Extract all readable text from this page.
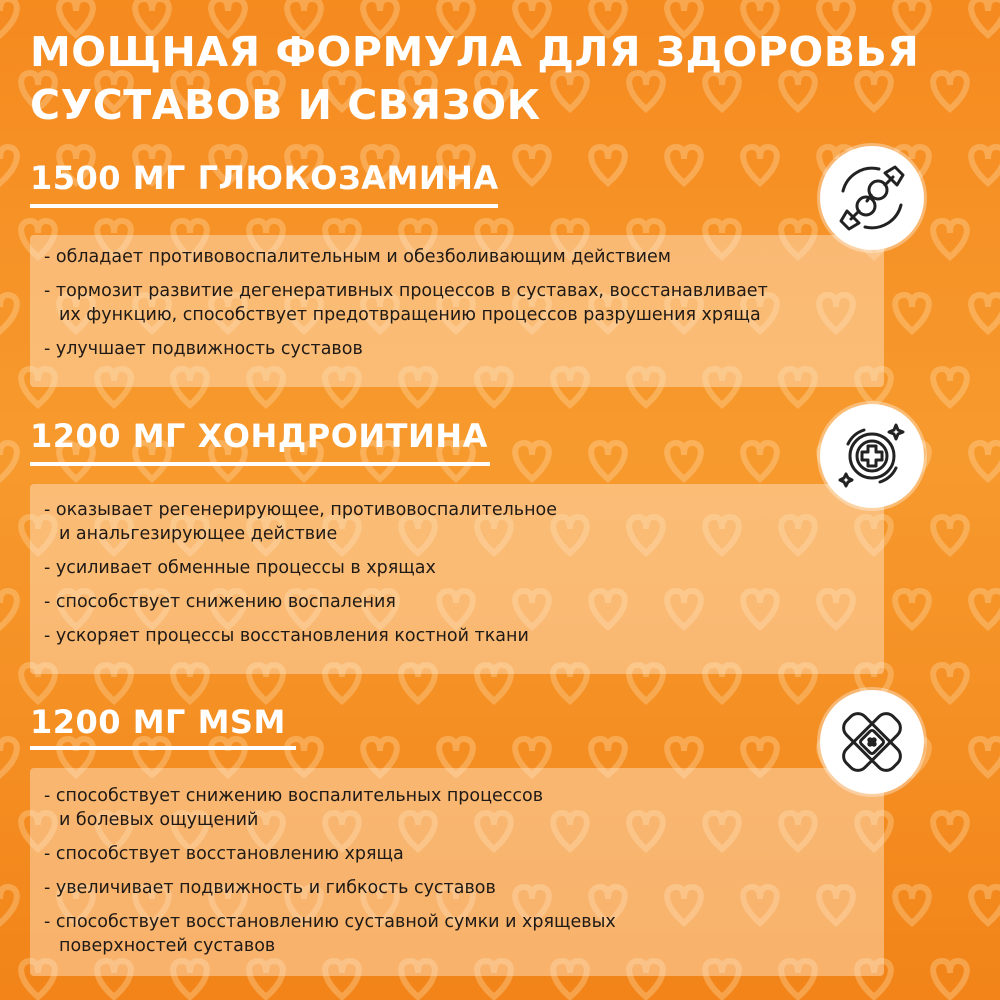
МОЩНАЯ ФОРМУЛА ДЛЯ ЗДОРОВЬЯ СУСТАВОВ И СВЯЗОК
1500 МГ ГЛЮКОЗАМИНА
- обладает противовоспалительным и обезболивающим действием
- тормозит развитие дегенеративных процессов в суставах, восстанавливает
их функцию, способствует предотвращению процессов разрушения хряща
- улучшает подвижность суставов
1200 МГ ХОНДРОИТИНА
- оказывает регенерирующее, противовоспалительное
и анальгезирующее действие
- усиливает обменные процессы в хрящах
- способствует снижению воспаления
- ускоряет процессы восстановления костной ткани
1200 МГ MSM
- способствует снижению воспалительных процессов
и болевых ощущений
- способствует восстановлению хряща
- увеличивает подвижность и гибкость суставов
- способствует восстановлению суставной сумки и хрящевых
поверхностей суставов
